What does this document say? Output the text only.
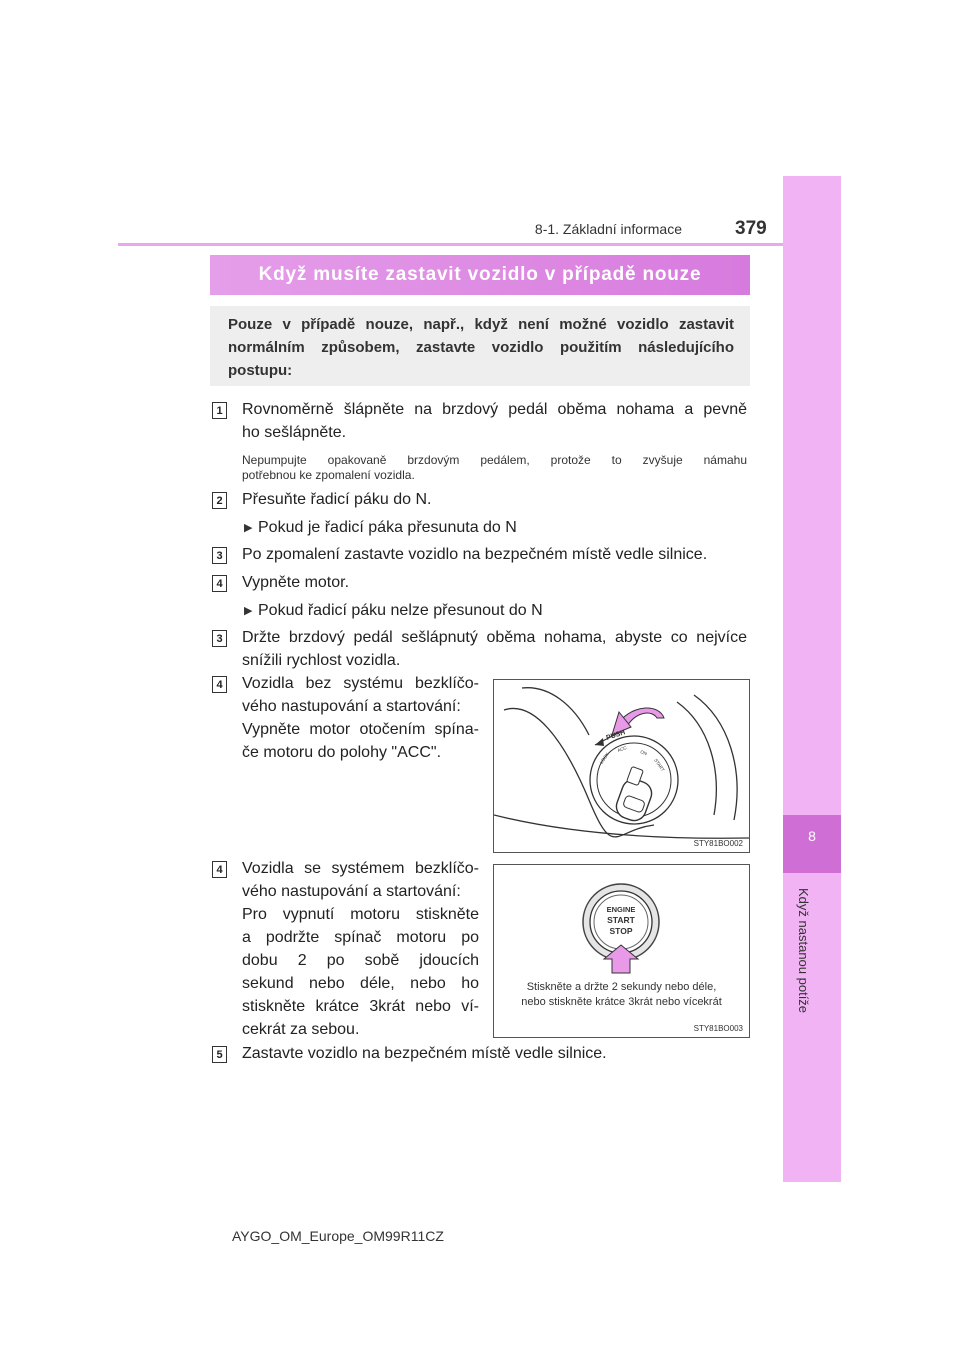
8
Když nastanou potíže
8-1. Základní informace	379
Když musíte zastavit vozidlo v případě nouze
Pouze v případě nouze, např., když není možné vozidlo zastavit normálním způsobem, zastavte vozidlo použitím následujícího postupu:
1 Rovnoměrně šlápněte na brzdový pedál oběma nohama a pevně
ho sešlápněte.
Nepumpujte opakovaně brzdovým pedálem, protože to zvyšuje námahu
potřebnou ke zpomalení vozidla.
2 Přesuňte řadicí páku do N.
▶ Pokud je řadicí páka přesunuta do N
3 Po zpomalení zastavte vozidlo na bezpečném místě vedle silnice.
4 Vypněte motor.
▶ Pokud řadicí páku nelze přesunout do N
3 Držte brzdový pedál sešlápnutý oběma nohama, abyste co nejvíce
snížili rychlost vozidla.
4 Vozidla bez systému bezklíčo-
vého nastupování a startování:
Vypněte motor otočením spína-
če motoru do polohy "ACC".
PUSH
LOCK
ACC	ON
START
STY81BO002
4 Vozidla se systémem bezklíčo-
vého nastupování a startování:
Pro vypnutí motoru stiskněte
a podržte spínač motoru po
dobu 2 po sobě jdoucích
sekund nebo déle, nebo ho
stiskněte krátce 3krát nebo ví-
cekrát za sebou.
ENGINE
START
STOP
Stiskněte a držte 2 sekundy nebo déle,
nebo stiskněte krátce 3krát nebo vícekrát
STY81BO003
5 Zastavte vozidlo na bezpečném místě vedle silnice.
AYGO_OM_Europe_OM99R11CZ
